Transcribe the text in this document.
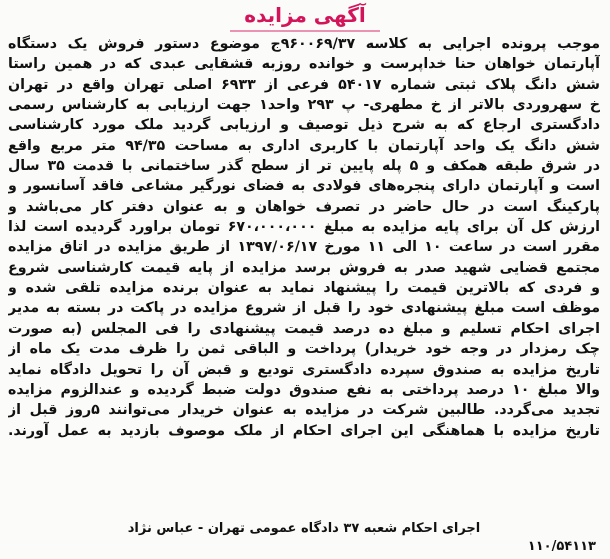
آگهی مزایده
موجب پرونده اجرایی به کلاسه ۹۶۰۰۶۹/۳۷ج موضوع دستور فروش یک دستگاه
آپارتمان خواهان حنا خداپرست و خوانده روزبه قشقایی عبدی که در همین راستا
شش دانگ پلاک ثبتی شماره ۵۴۰۱۷ فرعی از ۶۹۳۳ اصلی تهران واقع در تهران
خ سهروردی بالاتر از خ مطهری- پ ۲۹۳ واحد۱ جهت ارزیابی به کارشناس رسمی
دادگستری ارجاع که به شرح ذیل توصیف و ارزیابی گردید ملک مورد کارشناسی
شش دانگ یک واحد آپارتمان با کاربری اداری به مساحت ۹۴/۳۵ متر مربع واقع
در شرق طبقه همکف و ۵ پله پایین تر از سطح گذر ساختمانی با قدمت ۳۵ سال
است و آپارتمان دارای پنجره‌های فولادی به فضای نورگیر مشاعی فاقد آسانسور و
پارکینگ است در حال حاضر در تصرف خواهان و به عنوان دفتر کار می‌باشد و
ارزش کل آن برای پایه مزایده به مبلغ ۶۷۰،۰۰۰،۰۰۰ تومان براورد گردیده است لذا
مقرر است در ساعت ۱۰ الی ۱۱ مورخ ۱۳۹۷/۰۶/۱۷ از طریق مزایده در اتاق مزایده
مجتمع قضایی شهید صدر به فروش برسد مزایده از پایه قیمت کارشناسی شروع
و فردی که بالاترین قیمت را پیشنهاد نماید به عنوان برنده مزایده تلقی شده و
موظف است مبلغ پیشنهادی خود را قبل از شروع مزایده در پاکت در بسته به مدیر
اجرای احکام تسلیم و مبلغ ده درصد قیمت پیشنهادی را فی المجلس (به صورت
چک رمزدار در وجه خود خریدار) پرداخت و الباقی ثمن را ظرف مدت یک ماه از
تاریخ مزایده به صندوق سپرده دادگستری تودیع و قبض آن را تحویل دادگاه نماید
والا مبلغ ۱۰ درصد پرداختی به نفع صندوق دولت ضبط گردیده و عندالزوم مزایده
تجدید می‌گردد. طالبین شرکت در مزایده به عنوان خریدار می‌توانند ۵روز قبل از
تاریخ مزایده با هماهنگی این اجرای احکام از ملک موصوف بازدید به عمل آورند.
اجرای احکام شعبه ۳۷ دادگاه عمومی تهران - عباس نژاد
۱۱۰/۵۴۱۱۳
